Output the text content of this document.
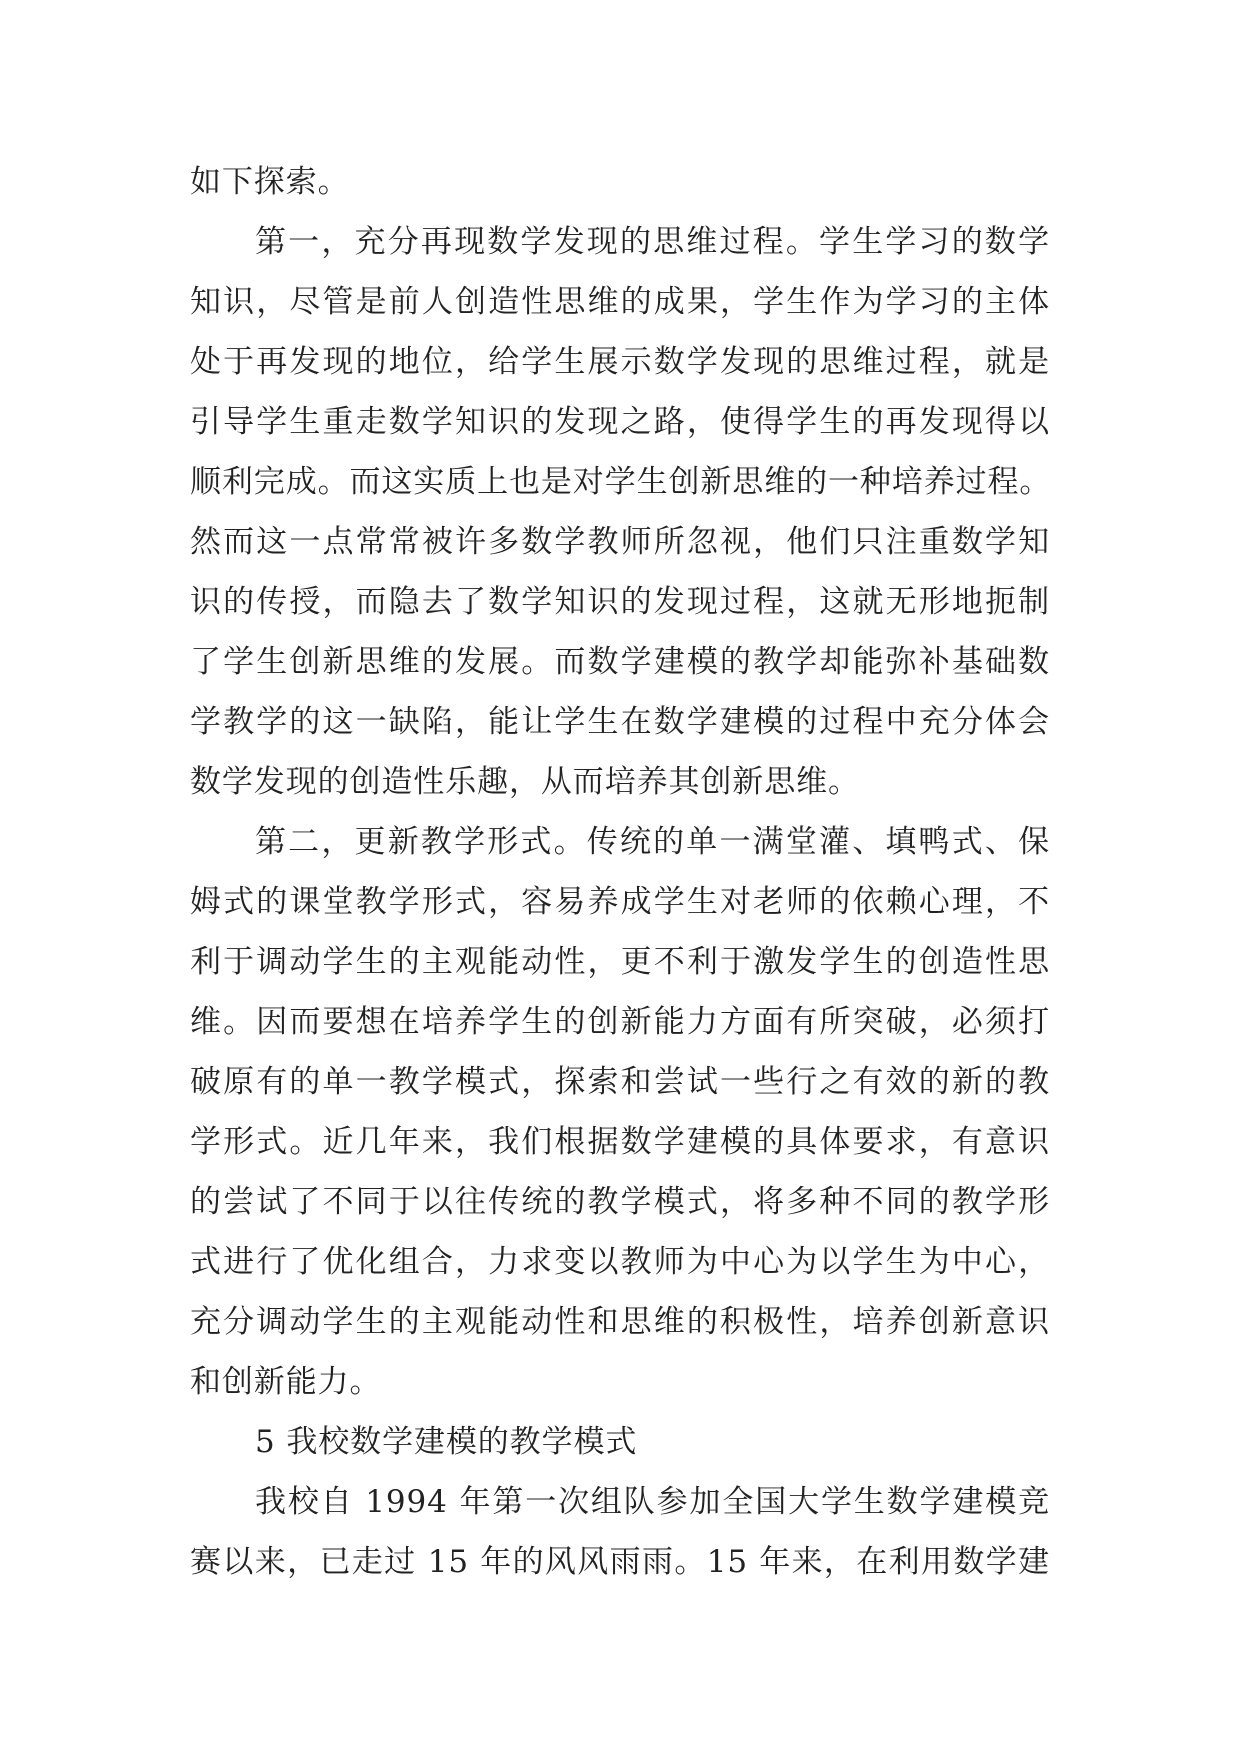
如下探索。
第一，充分再现数学发现的思维过程。学生学习的数学
知识，尽管是前人创造性思维的成果，学生作为学习的主体
处于再发现的地位，给学生展示数学发现的思维过程，就是
引导学生重走数学知识的发现之路，使得学生的再发现得以
顺利完成。而这实质上也是对学生创新思维的一种培养过程。
然而这一点常常被许多数学教师所忽视，他们只注重数学知
识的传授，而隐去了数学知识的发现过程，这就无形地扼制
了学生创新思维的发展。而数学建模的教学却能弥补基础数
学教学的这一缺陷，能让学生在数学建模的过程中充分体会
数学发现的创造性乐趣，从而培养其创新思维。
第二，更新教学形式。传统的单一满堂灌、填鸭式、保
姆式的课堂教学形式，容易养成学生对老师的依赖心理，不
利于调动学生的主观能动性，更不利于激发学生的创造性思
维。因而要想在培养学生的创新能力方面有所突破，必须打
破原有的单一教学模式，探索和尝试一些行之有效的新的教
学形式。近几年来，我们根据数学建模的具体要求，有意识
的尝试了不同于以往传统的教学模式，将多种不同的教学形
式进行了优化组合，力求变以教师为中心为以学生为中心，
充分调动学生的主观能动性和思维的积极性，培养创新意识
和创新能力。
5 我校数学建模的教学模式
我校自 1994 年第一次组队参加全国大学生数学建模竞
赛以来，已走过 15 年的风风雨雨。15 年来，在利用数学建
